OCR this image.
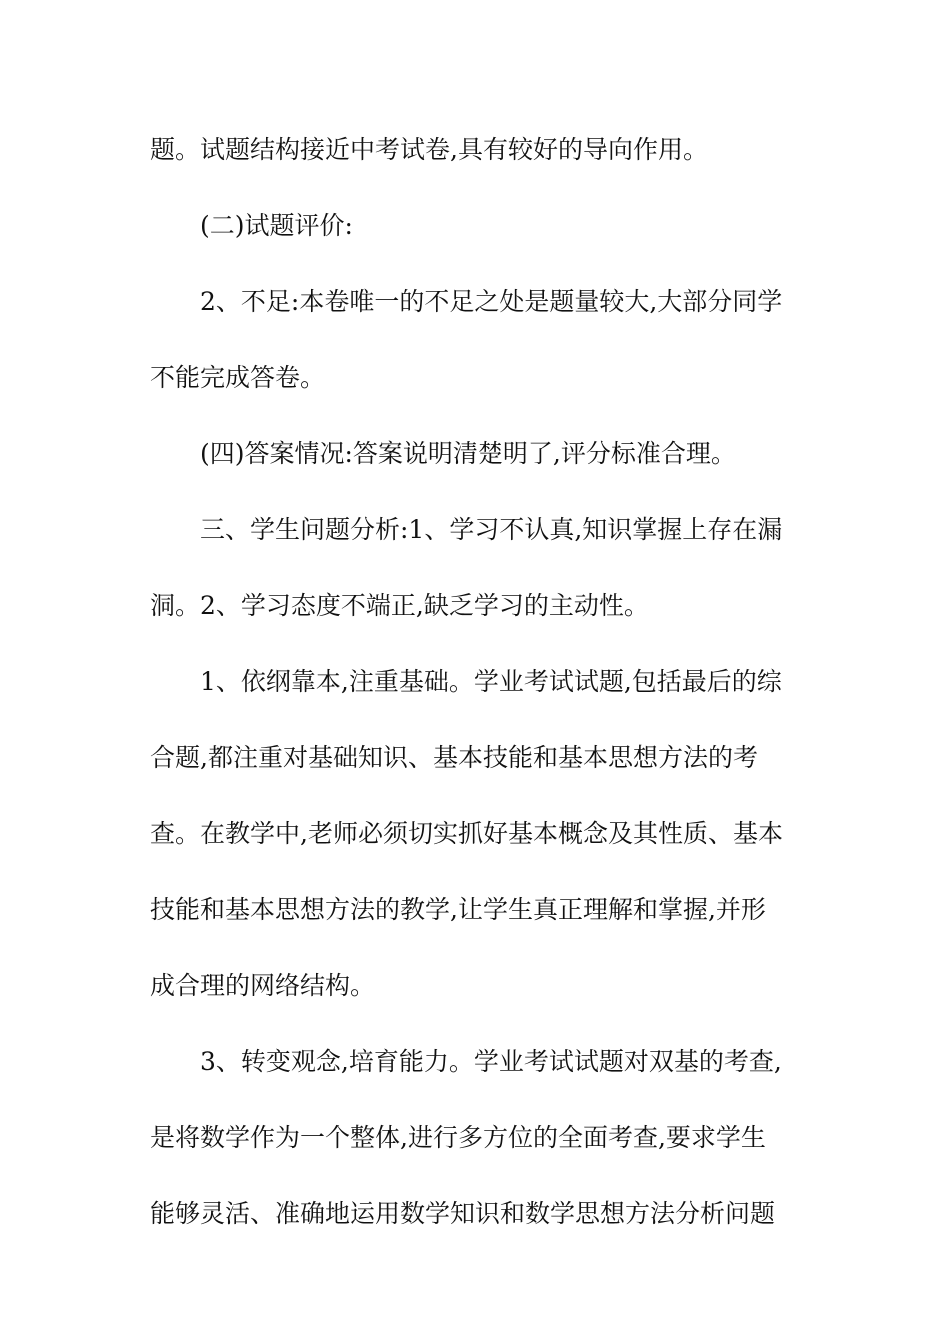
题。试题结构接近中考试卷,具有较好的导向作用。
(二)试题评价:
2、不足:本卷唯一的不足之处是题量较大,大部分同学
不能完成答卷。
(四)答案情况:答案说明清楚明了,评分标准合理。
三、学生问题分析:1、学习不认真,知识掌握上存在漏
洞。2、学习态度不端正,缺乏学习的主动性。
1、依纲靠本,注重基础。学业考试试题,包括最后的综
合题,都注重对基础知识、基本技能和基本思想方法的考
查。在教学中,老师必须切实抓好基本概念及其性质、基本
技能和基本思想方法的教学,让学生真正理解和掌握,并形
成合理的网络结构。
3、转变观念,培育能力。学业考试试题对双基的考查,
是将数学作为一个整体,进行多方位的全面考查,要求学生
能够灵活、准确地运用数学知识和数学思想方法分析问题
